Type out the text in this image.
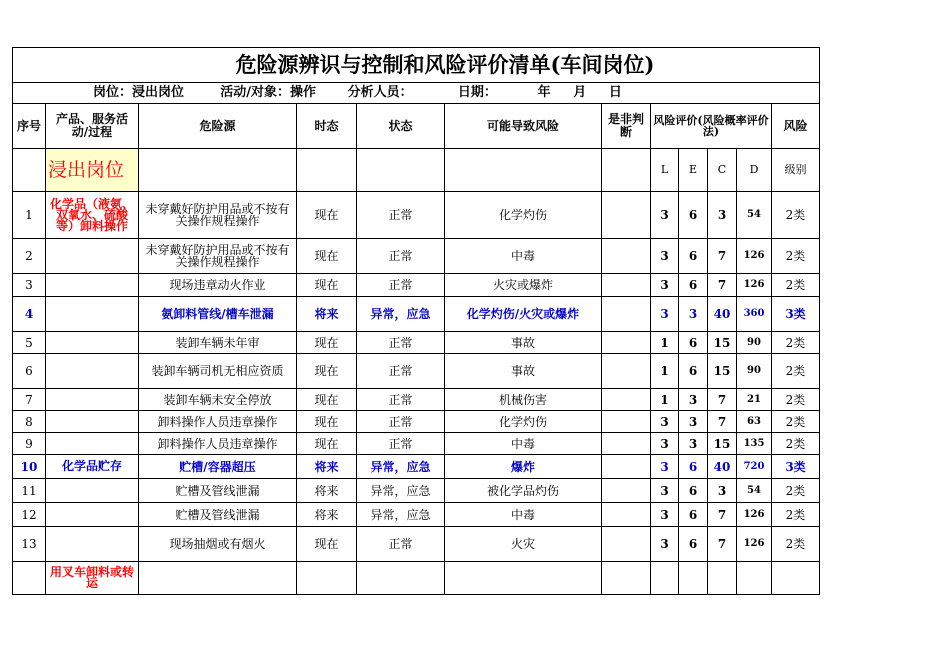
危险源辨识与控制和风险评价清单(车间岗位)											
岗位：浸出岗位        活动/对象：操作       分析人员：          日期：         年     月     日											
序号	产品、服务活动/过程	危险源	时态	状态	可能导致风险	是非判断	风险评价(风险概率评价法)				风险
	浸出岗位						L	E	C	D	级别
1	化学品（液氨、双氧水、硫酸等）卸料操作	未穿戴好防护用品或不按有关操作规程操作	现在	正常	化学灼伤		3	6	3	54	2类
2		未穿戴好防护用品或不按有关操作规程操作	现在	正常	中毒		3	6	7	126	2类
3		现场违章动火作业	现在	正常	火灾或爆炸		3	6	7	126	2类
4		氨卸料管线/槽车泄漏	将来	异常，应急	化学灼伤/火灾或爆炸		3	3	40	360	3类
5		装卸车辆未年审	现在	正常	事故		1	6	15	90	2类
6		装卸车辆司机无相应资质	现在	正常	事故		1	6	15	90	2类
7		装卸车辆未安全停放	现在	正常	机械伤害		1	3	7	21	2类
8		卸料操作人员违章操作	现在	正常	化学灼伤		3	3	7	63	2类
9		卸料操作人员违章操作	现在	正常	中毒		3	3	15	135	2类
10	化学品贮存	贮槽/容器超压	将来	异常，应急	爆炸		3	6	40	720	3类
11		贮槽及管线泄漏	将来	异常，应急	被化学品灼伤		3	6	3	54	2类
12		贮槽及管线泄漏	将来	异常，应急	中毒		3	6	7	126	2类
13		现场抽烟或有烟火	现在	正常	火灾		3	6	7	126	2类
	用叉车卸料或转运										
